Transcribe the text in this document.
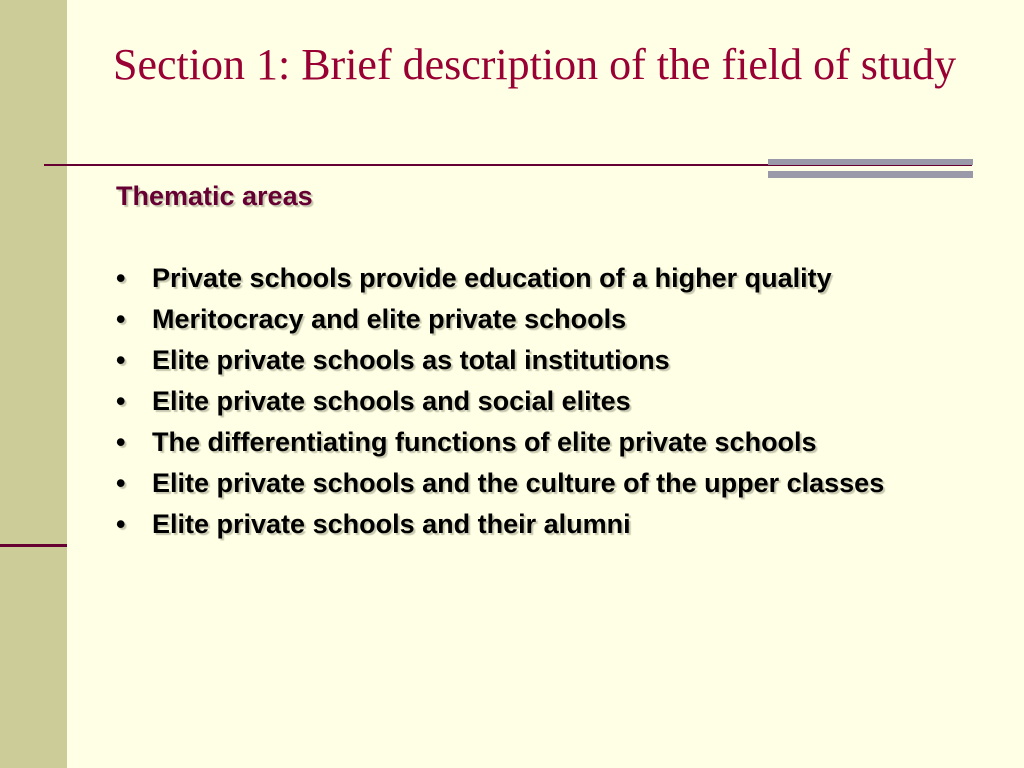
Section 1: Brief description of the field of study
Thematic areas
• Private schools provide education of a higher quality
• Meritocracy and elite private schools
• Elite private schools as total institutions
• Elite private schools and social elites
• The differentiating functions of elite private schools
• Elite private schools and the culture of the upper classes
• Elite private schools and their alumni
